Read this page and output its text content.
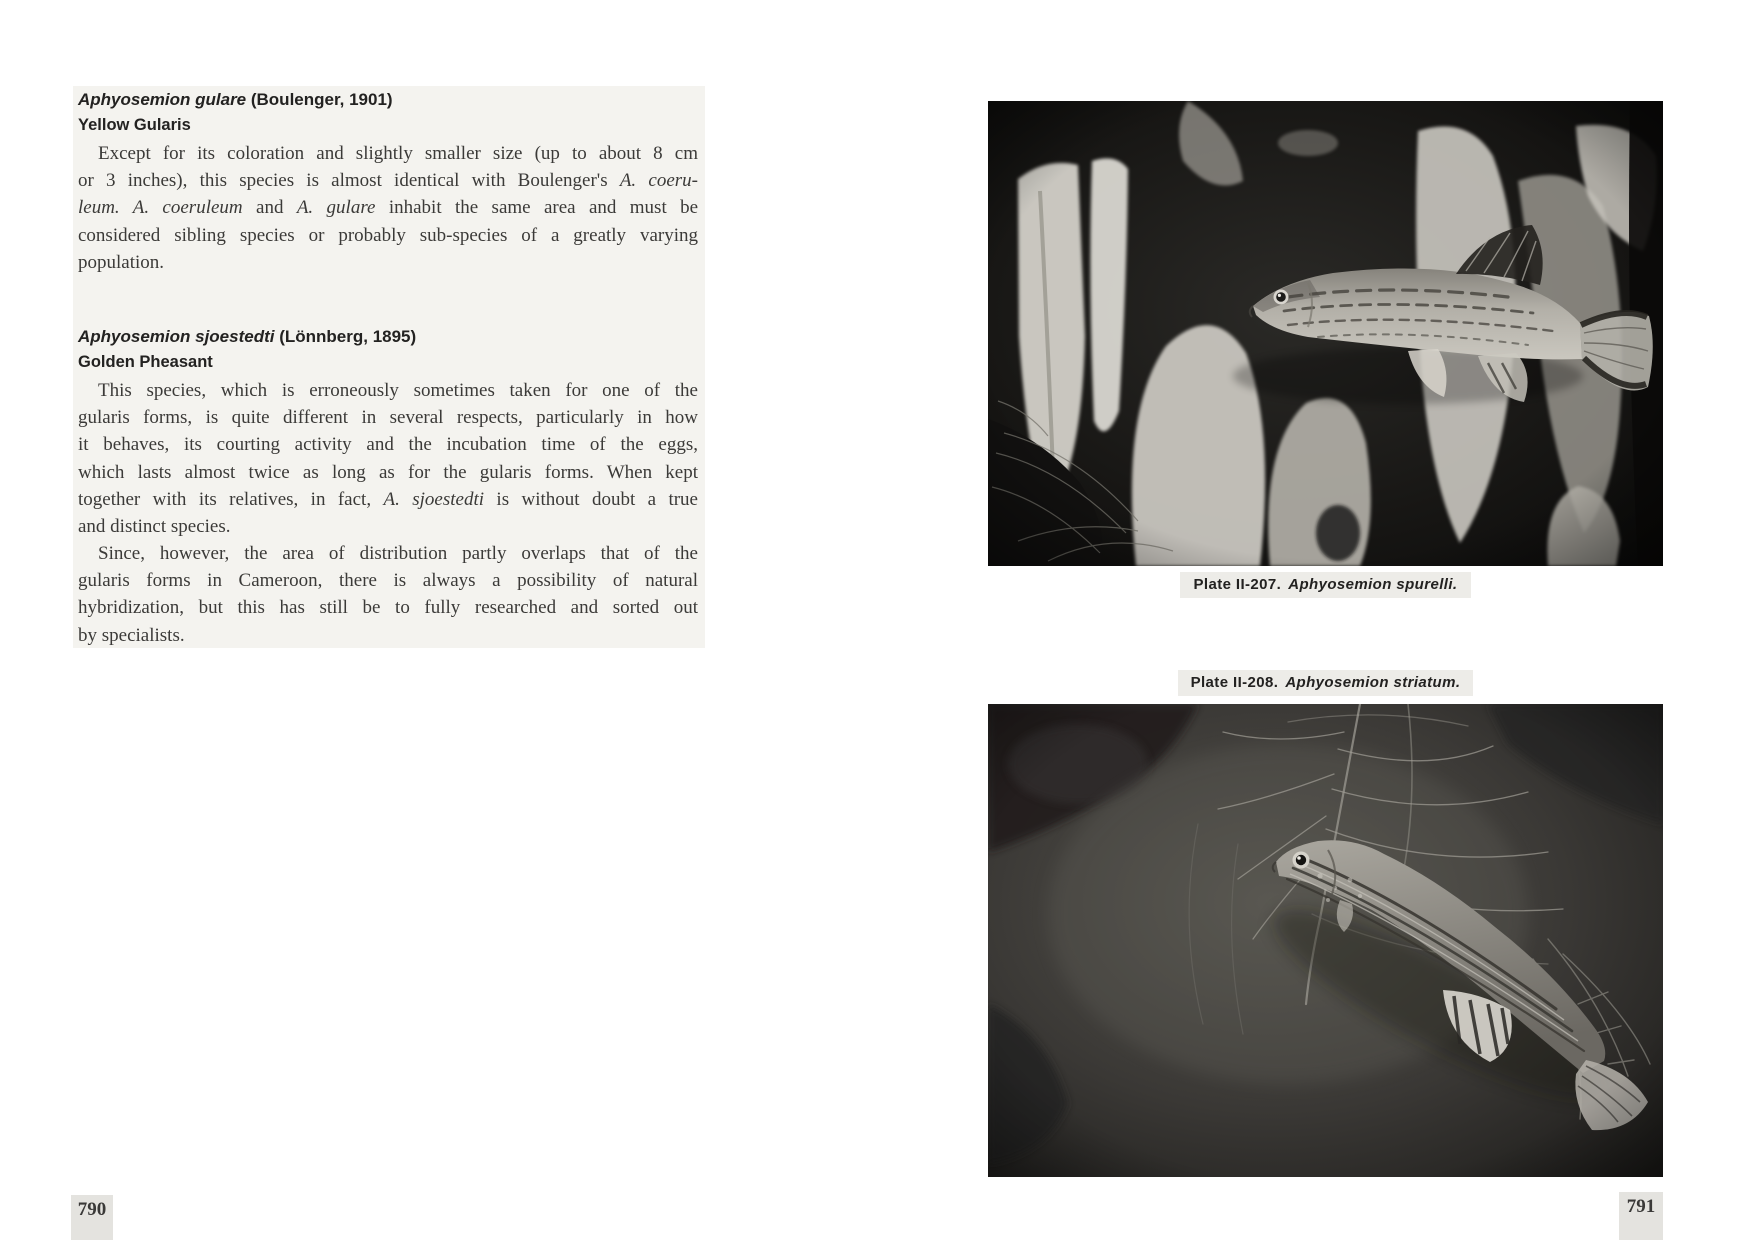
Aphyosemion gulare (Boulenger, 1901)
Yellow Gularis
Except for its coloration and slightly smaller size (up to about 8 cm
or 3 inches), this species is almost identical with Boulenger's A. coeru-
leum. A. coeruleum and A. gulare inhabit the same area and must be
considered sibling species or probably sub-species of a greatly varying
population.
Aphyosemion sjoestedti (Lönnberg, 1895)
Golden Pheasant
This species, which is erroneously sometimes taken for one of the
gularis forms, is quite different in several respects, particularly in how
it behaves, its courting activity and the incubation time of the eggs,
which lasts almost twice as long as for the gularis forms. When kept
together with its relatives, in fact, A. sjoestedti is without doubt a true
and distinct species.
Since, however, the area of distribution partly overlaps that of the
gularis forms in Cameroon, there is always a possibility of natural
hybridization, but this has still be to fully researched and sorted out
by specialists.
790
Plate II-207. Aphyosemion spurelli.
Plate II-208. Aphyosemion striatum.
791
